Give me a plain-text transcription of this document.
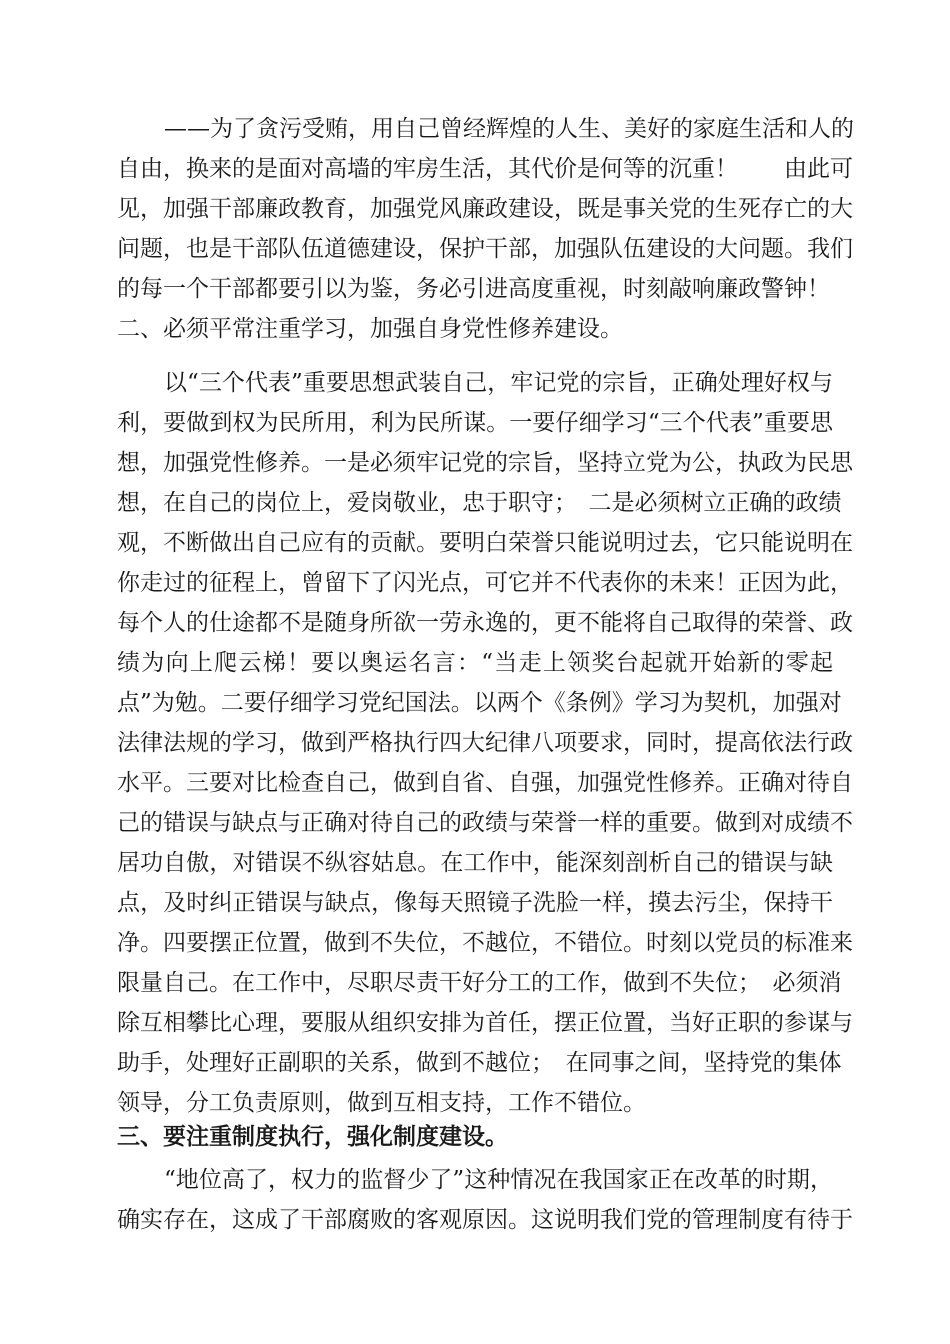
——为了贪污受贿，用自己曾经辉煌的人生、美好的家庭生活和人的
自由，换来的是面对高墙的牢房生活，其代价是何等的沉重！　　由此可
见，加强干部廉政教育，加强党风廉政建设，既是事关党的生死存亡的大
问题，也是干部队伍道德建设，保护干部，加强队伍建设的大问题。我们
的每一个干部都要引以为鉴，务必引进高度重视，时刻敲响廉政警钟！
二、必须平常注重学习，加强自身党性修养建设。
以“三个代表”重要思想武装自己，牢记党的宗旨，正确处理好权与
利，要做到权为民所用，利为民所谋。一要仔细学习“三个代表”重要思
想，加强党性修养。一是必须牢记党的宗旨，坚持立党为公，执政为民思
想，在自己的岗位上，爱岗敬业，忠于职守；　二是必须树立正确的政绩
观，不断做出自己应有的贡献。要明白荣誉只能说明过去，它只能说明在
你走过的征程上，曾留下了闪光点，可它并不代表你的未来！正因为此，
每个人的仕途都不是随身所欲一劳永逸的，更不能将自己取得的荣誉、政
绩为向上爬云梯！要以奥运名言：“当走上领奖台起就开始新的零起
点”为勉。二要仔细学习党纪国法。以两个《条例》学习为契机，加强对
法律法规的学习，做到严格执行四大纪律八项要求，同时，提高依法行政
水平。三要对比检查自己，做到自省、自强，加强党性修养。正确对待自
己的错误与缺点与正确对待自己的政绩与荣誉一样的重要。做到对成绩不
居功自傲，对错误不纵容姑息。在工作中，能深刻剖析自己的错误与缺
点，及时纠正错误与缺点，像每天照镜子洗脸一样，摸去污尘，保持干
净。四要摆正位置，做到不失位，不越位，不错位。时刻以党员的标准来
限量自己。在工作中，尽职尽责干好分工的工作，做到不失位；　必须消
除互相攀比心理，要服从组织安排为首任，摆正位置，当好正职的参谋与
助手，处理好正副职的关系，做到不越位；　在同事之间，坚持党的集体
领导，分工负责原则，做到互相支持，工作不错位。
三、要注重制度执行，强化制度建设。
“地位高了，权力的监督少了”这种情况在我国家正在改革的时期，
确实存在，这成了干部腐败的客观原因。这说明我们党的管理制度有待于
